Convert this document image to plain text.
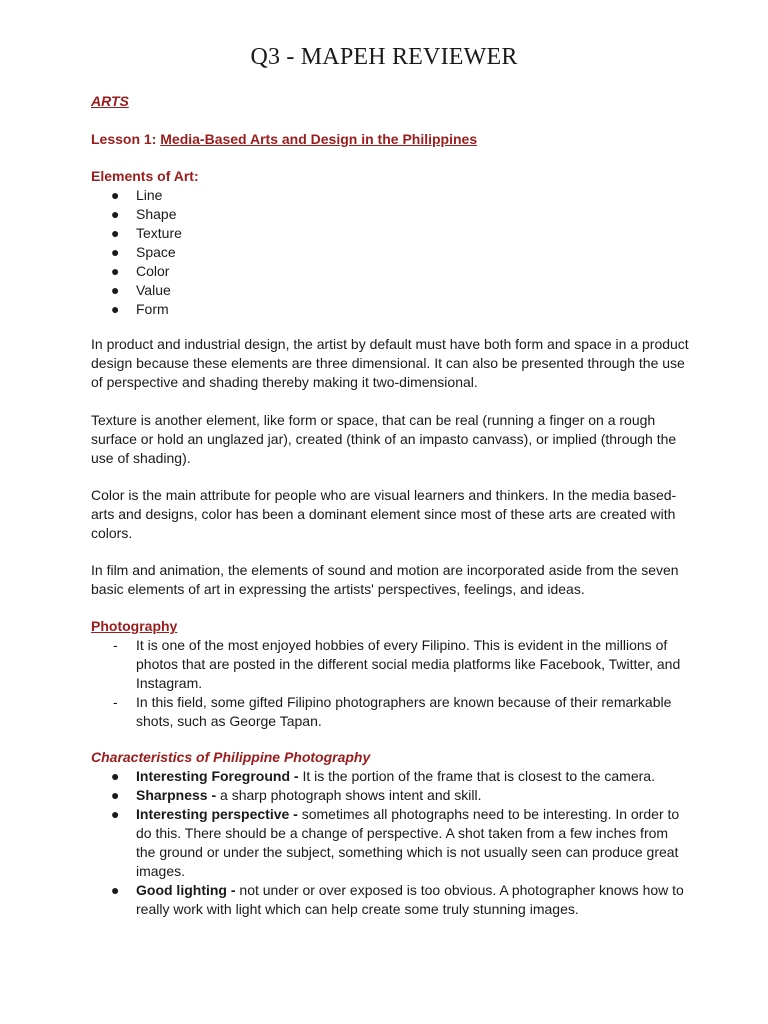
Q3 - MAPEH REVIEWER
ARTS
Lesson 1: Media-Based Arts and Design in the Philippines
Elements of Art:
● Line
● Shape
● Texture
● Space
● Color
● Value
● Form
In product and industrial design, the artist by default must have both form and space in a product design because these elements are three dimensional. It can also be presented through the use of perspective and shading thereby making it two-dimensional.
Texture is another element, like form or space, that can be real (running a finger on a rough surface or hold an unglazed jar), created (think of an impasto canvass), or implied (through the use of shading).
Color is the main attribute for people who are visual learners and thinkers. In the media based-arts and designs, color has been a dominant element since most of these arts are created with colors.
In film and animation, the elements of sound and motion are incorporated aside from the seven basic elements of art in expressing the artists' perspectives, feelings, and ideas.
Photography
- It is one of the most enjoyed hobbies of every Filipino. This is evident in the millions of photos that are posted in the different social media platforms like Facebook, Twitter, and Instagram.
- In this field, some gifted Filipino photographers are known because of their remarkable shots, such as George Tapan.
Characteristics of Philippine Photography
● Interesting Foreground - It is the portion of the frame that is closest to the camera.
● Sharpness - a sharp photograph shows intent and skill.
● Interesting perspective - sometimes all photographs need to be interesting. In order to do this. There should be a change of perspective. A shot taken from a few inches from the ground or under the subject, something which is not usually seen can produce great images.
● Good lighting - not under or over exposed is too obvious. A photographer knows how to really work with light which can help create some truly stunning images.
